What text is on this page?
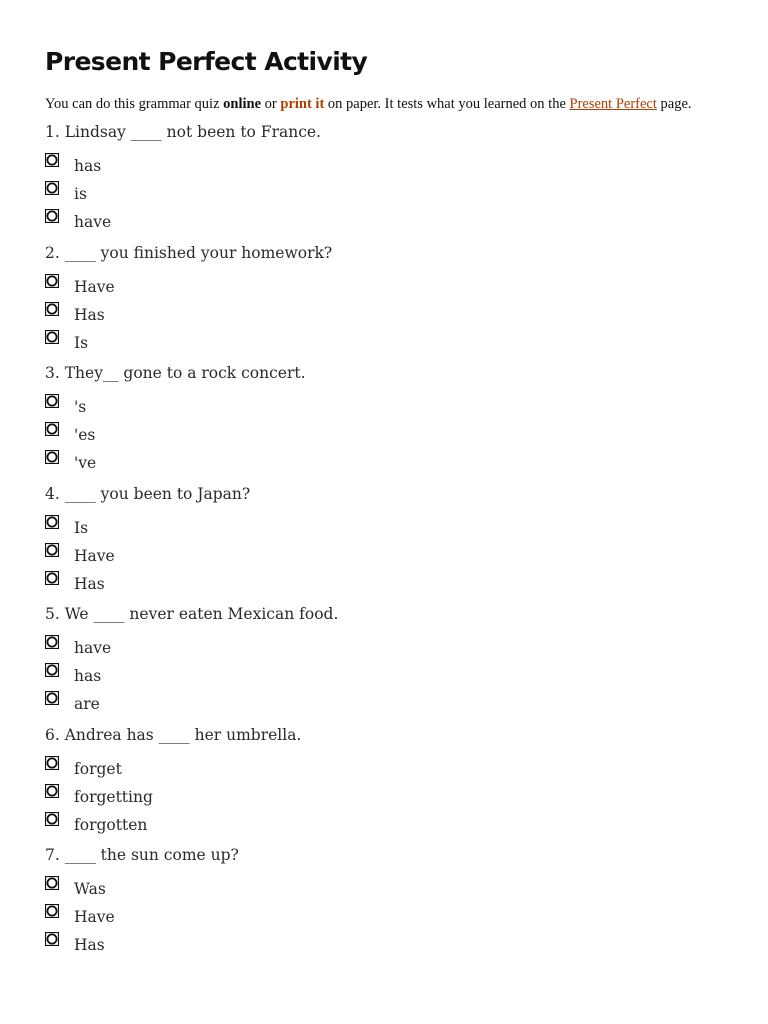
Present Perfect Activity
You can do this grammar quiz online or print it on paper. It tests what you learned on the Present Perfect page.
1. Lindsay ____ not been to France.
has
is
have
2. ____ you finished your homework?
Have
Has
Is
3. They__ gone to a rock concert.
's
'es
've
4. ____ you been to Japan?
Is
Have
Has
5. We ____ never eaten Mexican food.
have
has
are
6. Andrea has ____ her umbrella.
forget
forgetting
forgotten
7. ____ the sun come up?
Was
Have
Has
